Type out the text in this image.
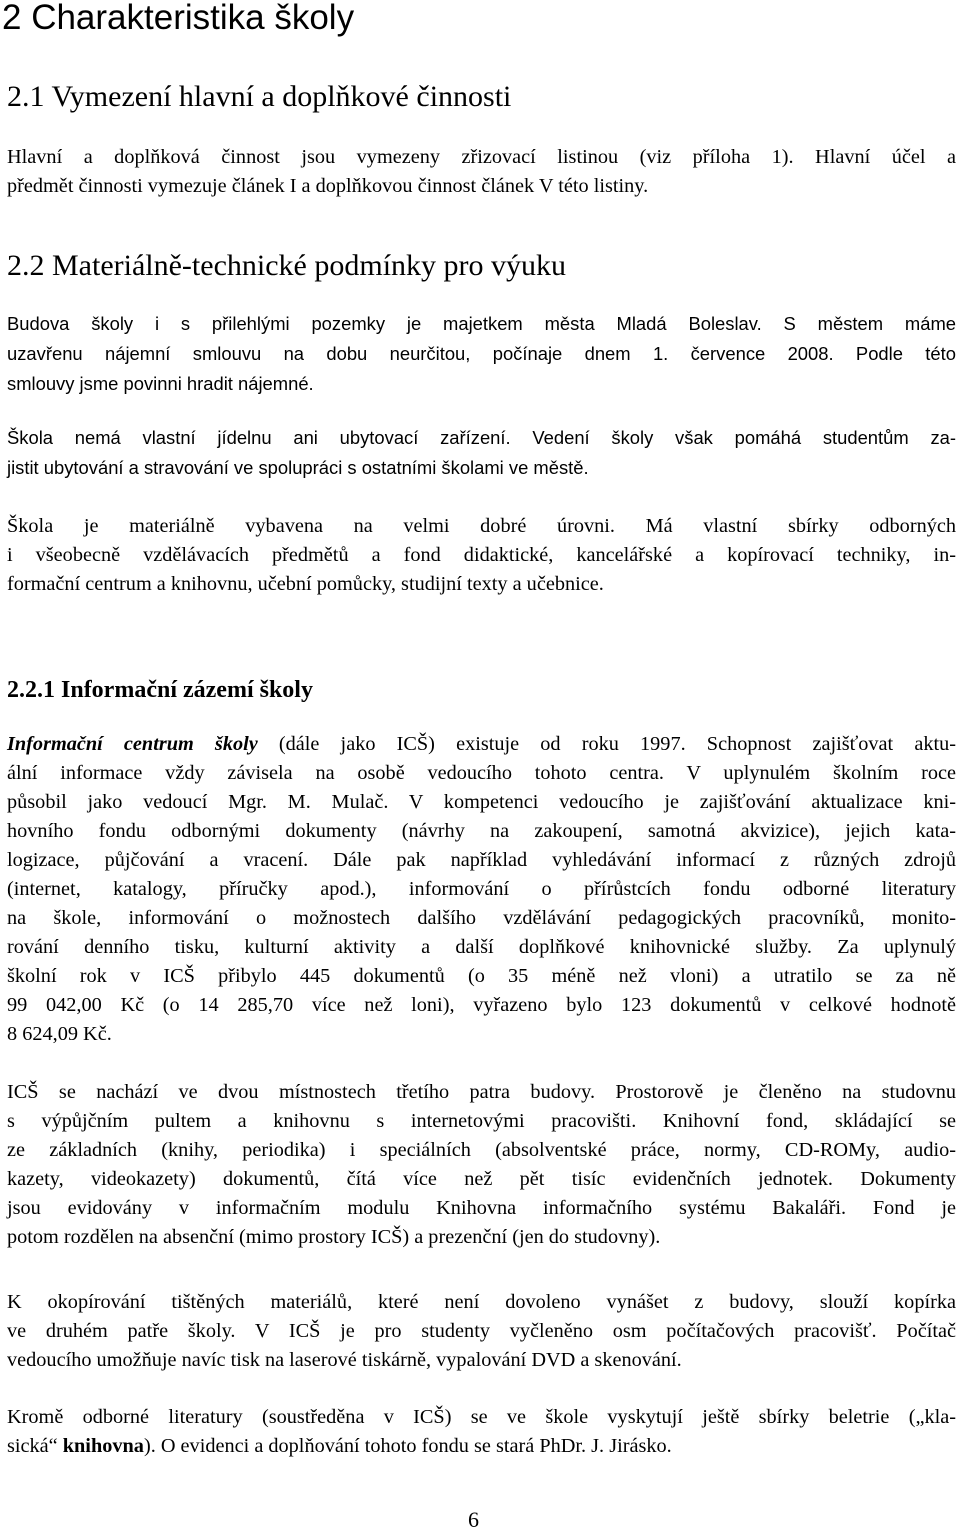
2 Charakteristika školy
2.1 Vymezení hlavní a doplňkové činnosti
Hlavní a doplňková činnost jsou vymezeny zřizovací listinou (viz příloha 1). Hlavní účel a
předmět činnosti vymezuje článek I a doplňkovou činnost článek V této listiny.
2.2 Materiálně-technické podmínky pro výuku
Budova školy i s přilehlými pozemky je majetkem města Mladá Boleslav. S městem máme
uzavřenu nájemní smlouvu na dobu neurčitou, počínaje dnem 1. července 2008. Podle této
smlouvy jsme povinni hradit nájemné.
Škola nemá vlastní jídelnu ani ubytovací zařízení. Vedení školy však pomáhá studentům za-
jistit ubytování a stravování ve spolupráci s ostatními školami ve městě.
Škola je materiálně vybavena na velmi dobré úrovni. Má vlastní sbírky odborných
i všeobecně vzdělávacích předmětů a fond didaktické, kancelářské a kopírovací techniky, in-
formační centrum a knihovnu, učební pomůcky, studijní texty a učebnice.
2.2.1 Informační zázemí školy
Informační centrum školy (dále jako ICŠ) existuje od roku 1997. Schopnost zajišťovat aktu-
ální informace vždy závisela na osobě vedoucího tohoto centra. V uplynulém školním roce
působil jako vedoucí Mgr. M. Mulač. V kompetenci vedoucího je zajišťování aktualizace kni-
hovního fondu odbornými dokumenty (návrhy na zakoupení, samotná akvizice), jejich kata-
logizace, půjčování a vracení. Dále pak například vyhledávání informací z různých zdrojů
(internet, katalogy, příručky apod.), informování o přírůstcích fondu odborné literatury
na škole, informování o možnostech dalšího vzdělávání pedagogických pracovníků, monito-
rování denního tisku, kulturní aktivity a další doplňkové knihovnické služby. Za uplynulý
školní rok v ICŠ přibylo 445 dokumentů (o 35 méně než vloni) a utratilo se za ně
99 042,00 Kč (o 14 285,70 více než loni), vyřazeno bylo 123 dokumentů v celkové hodnotě
8 624,09 Kč.
ICŠ se nachází ve dvou místnostech třetího patra budovy. Prostorově je členěno na studovnu
s výpůjčním pultem a knihovnu s internetovými pracovišti. Knihovní fond, skládající se
ze základních (knihy, periodika) i speciálních (absolventské práce, normy, CD-ROMy, audio-
kazety, videokazety) dokumentů, čítá více než pět tisíc evidenčních jednotek. Dokumenty
jsou evidovány v informačním modulu Knihovna informačního systému Bakaláři. Fond je
potom rozdělen na absenční (mimo prostory ICŠ) a prezenční (jen do studovny).
K okopírování tištěných materiálů, které není dovoleno vynášet z budovy, slouží kopírka
ve druhém patře školy. V ICŠ je pro studenty vyčleněno osm počítačových pracovišť. Počítač
vedoucího umožňuje navíc tisk na laserové tiskárně, vypalování DVD a skenování.
Kromě odborné literatury (soustředěna v ICŠ) se ve škole vyskytují ještě sbírky beletrie („kla-
sická“ knihovna). O evidenci a doplňování tohoto fondu se stará PhDr. J. Jirásko.
6
